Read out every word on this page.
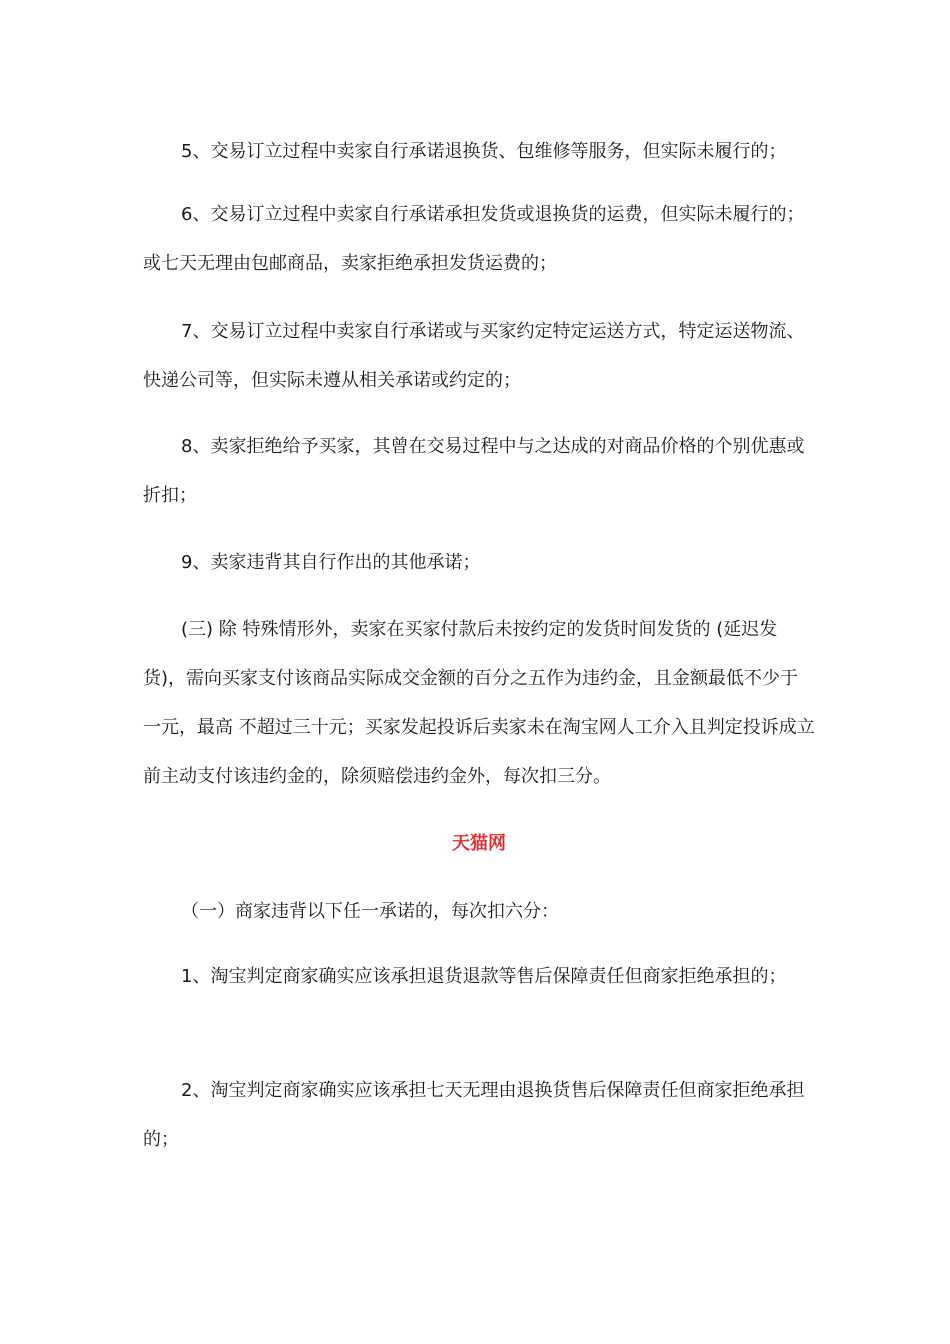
5、交易订立过程中卖家自行承诺退换货、包维修等服务，但实际未履行的；

6、交易订立过程中卖家自行承诺承担发货或退换货的运费，但实际未履行的；或七天无理由包邮商品，卖家拒绝承担发货运费的；

7、交易订立过程中卖家自行承诺或与买家约定特定运送方式，特定运送物流、快递公司等，但实际未遵从相关承诺或约定的；

8、卖家拒绝给予买家，其曾在交易过程中与之达成的对商品价格的个别优惠或折扣；

9、卖家违背其自行作出的其他承诺；

(三) 除 特殊情形外，卖家在买家付款后未按约定的发货时间发货的 (延迟发货)，需向买家支付该商品实际成交金额的百分之五作为违约金，且金额最低不少于一元，最高 不超过三十元；买家发起投诉后卖家未在淘宝网人工介入且判定投诉成立前主动支付该违约金的，除须赔偿违约金外，每次扣三分。

天猫网

（一）商家违背以下任一承诺的，每次扣六分：

1、淘宝判定商家确实应该承担退货退款等售后保障责任但商家拒绝承担的；

2、淘宝判定商家确实应该承担七天无理由退换货售后保障责任但商家拒绝承担的；
